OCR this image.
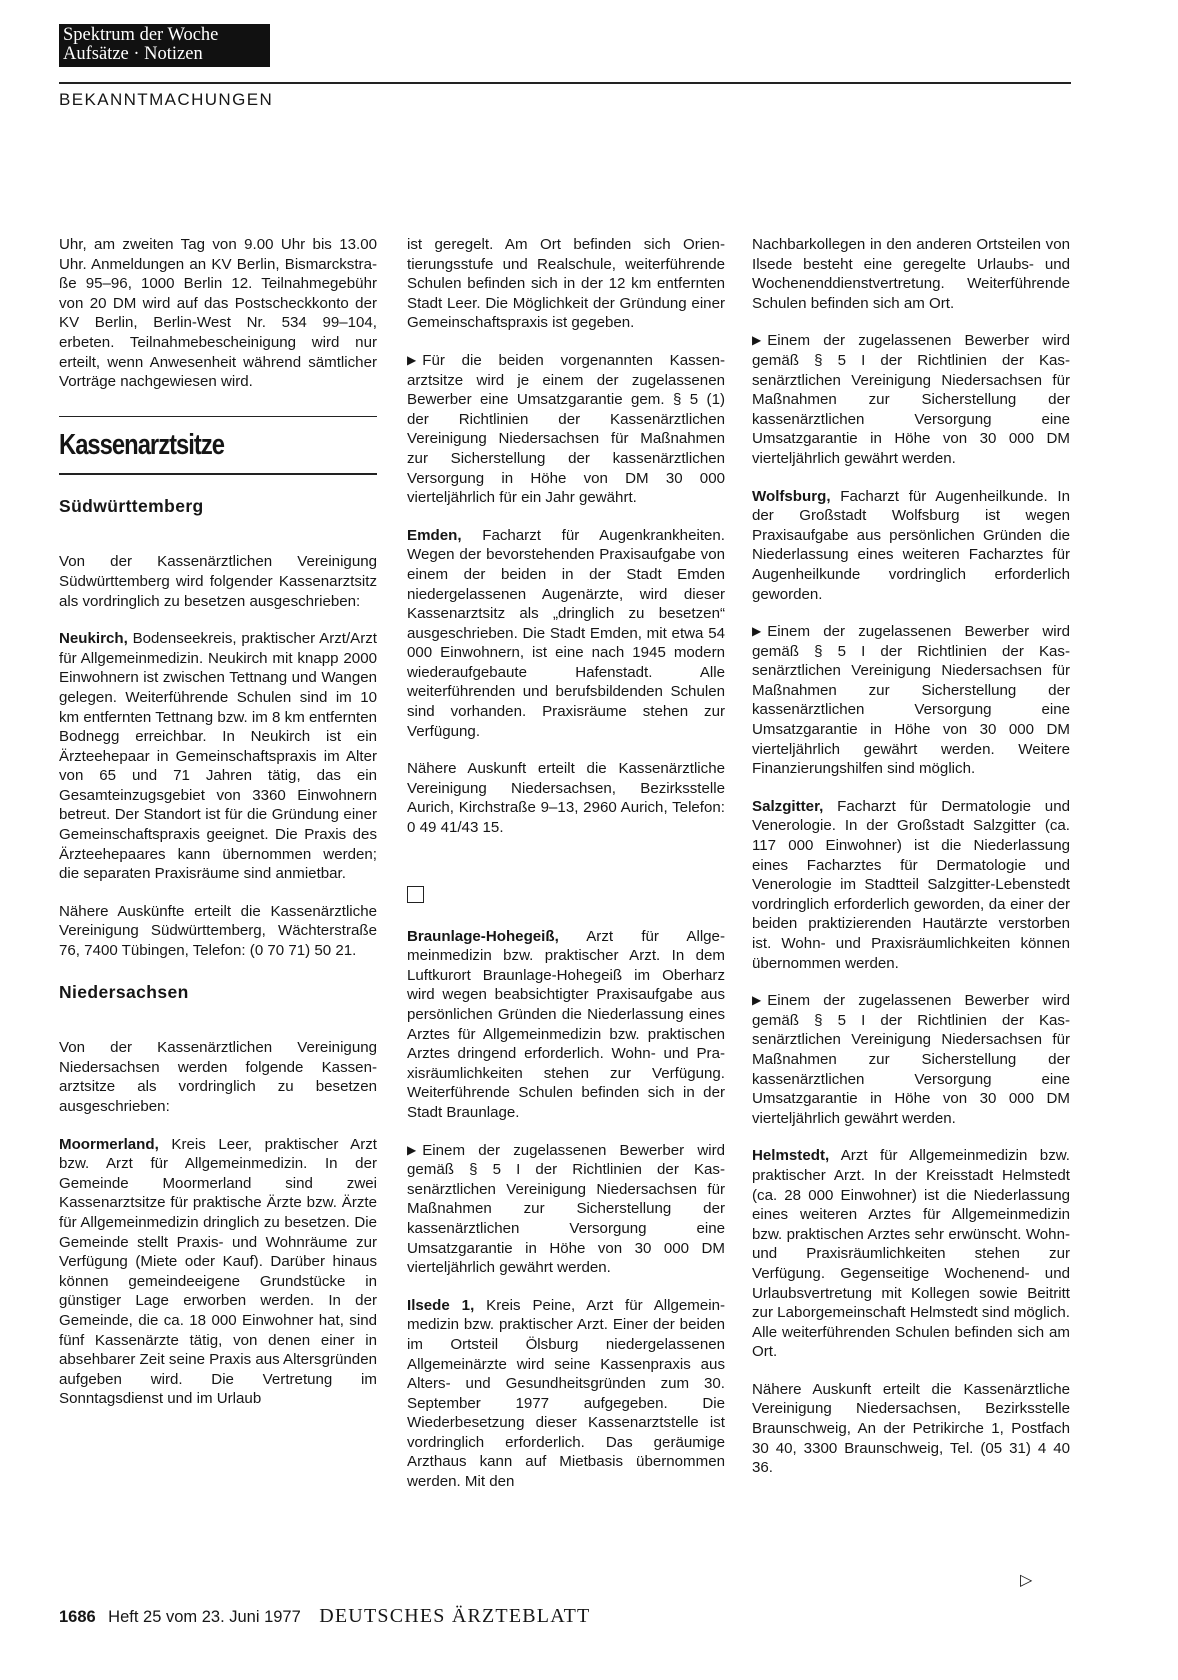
Spektrum der Woche
Aufsätze · Notizen
BEKANNTMACHUNGEN

Uhr, am zweiten Tag von 9.00 Uhr bis 13.00 Uhr. Anmeldungen an KV Berlin, Bismarckstraße 95–96, 1000 Berlin 12. Teilnahmegebühr von 20 DM wird auf das Postscheckkonto der KV Berlin, Berlin-West Nr. 534 99–104, erbeten. Teilnahmebescheinigung wird nur erteilt, wenn Anwesenheit während sämtlicher Vorträge nachgewiesen wird.

Kassenarztsitze
Südwürttemberg

Von der Kassenärztlichen Vereinigung Südwürttemberg wird folgender Kassenarztsitz als vordringlich zu besetzen ausgeschrieben:

Neukirch, Bodenseekreis, praktischer Arzt/Arzt für Allgemeinmedizin. Neukirch mit knapp 2000 Einwohnern ist zwischen Tettnang und Wangen gelegen. Weiterführende Schulen sind im 10 km entfernten Tettnang bzw. im 8 km entfernten Bodnegg erreichbar. In Neukirch ist ein Ärzteehepaar in Gemeinschaftspraxis im Alter von 65 und 71 Jahren tätig, das ein Gesamteinzugsgebiet von 3360 Einwohnern betreut. Der Standort ist für die Gründung einer Gemeinschaftspraxis geeignet. Die Praxis des Ärzteehepaares kann übernommen werden; die separaten Praxisräume sind anmietbar.

Nähere Auskünfte erteilt die Kassenärztliche Vereinigung Südwürttemberg, Wächterstraße 76, 7400 Tübingen, Telefon: (0 70 71) 50 21.

Niedersachsen

Von der Kassenärztlichen Vereinigung Niedersachsen werden folgende Kassenarztsitze als vordringlich zu besetzen ausgeschrieben:

Moormerland, Kreis Leer, praktischer Arzt bzw. Arzt für Allgemeinmedizin. In der Gemeinde Moormerland sind zwei Kassenarztsitze für praktische Ärzte bzw. Ärzte für Allgemeinmedizin dringlich zu besetzen. Die Gemeinde stellt Praxis- und Wohnräume zur Verfügung (Miete oder Kauf). Darüber hinaus können gemeindeeigene Grundstücke in günstiger Lage erworben werden. In der Gemeinde, die ca. 18 000 Einwohner hat, sind fünf Kassenärzte tätig, von denen einer in absehbarer Zeit seine Praxis aus Altersgründen aufgeben wird. Die Vertretung im Sonntagsdienst und im Urlaub

ist geregelt. Am Ort befinden sich Orientierungsstufe und Realschule, weiterführende Schulen befinden sich in der 12 km entfernten Stadt Leer. Die Möglichkeit der Gründung einer Gemeinschaftspraxis ist gegeben.

▶ Für die beiden vorgenannten Kassenarztsitze wird je einem der zugelassenen Bewerber eine Umsatzgarantie gem. § 5 (1) der Richtlinien der Kassenärztlichen Vereinigung Niedersachsen für Maßnahmen zur Sicherstellung der kassenärztlichen Versorgung in Höhe von DM 30 000 vierteljährlich für ein Jahr gewährt.

Emden, Facharzt für Augenkrankheiten. Wegen der bevorstehenden Praxisaufgabe von einem der beiden in der Stadt Emden niedergelassenen Augenärzte, wird dieser Kassenarztsitz als „dringlich zu besetzen“ ausgeschrieben. Die Stadt Emden, mit etwa 54 000 Einwohnern, ist eine nach 1945 modern wiederaufgebaute Hafenstadt. Alle weiterführenden und berufsbildenden Schulen sind vorhanden. Praxisräume stehen zur Verfügung.

Nähere Auskunft erteilt die Kassenärztliche Vereinigung Niedersachsen, Bezirksstelle Aurich, Kirchstraße 9–13, 2960 Aurich, Telefon: 0 49 41/43 15.

Braunlage-Hohegeiß, Arzt für Allgemeinmedizin bzw. praktischer Arzt. In dem Luftkurort Braunlage-Hohegeiß im Oberharz wird wegen beabsichtigter Praxisaufgabe aus persönlichen Gründen die Niederlassung eines Arztes für Allgemeinmedizin bzw. praktischen Arztes dringend erforderlich. Wohn- und Praxisräumlichkeiten stehen zur Verfügung. Weiterführende Schulen befinden sich in der Stadt Braunlage.

▶ Einem der zugelassenen Bewerber wird gemäß § 5 I der Richtlinien der Kassenärztlichen Vereinigung Niedersachsen für Maßnahmen zur Sicherstellung der kassenärztlichen Versorgung eine Umsatzgarantie in Höhe von 30 000 DM vierteljährlich gewährt werden.

Ilsede 1, Kreis Peine, Arzt für Allgemeinmedizin bzw. praktischer Arzt. Einer der beiden im Ortsteil Ölsburg niedergelassenen Allgemeinärzte wird seine Kassenpraxis aus Alters- und Gesundheitsgründen zum 30. September 1977 aufgegeben. Die Wiederbesetzung dieser Kassenarztstelle ist vordringlich erforderlich. Das geräumige Arzthaus kann auf Mietbasis übernommen werden. Mit den

Nachbarkollegen in den anderen Ortsteilen von Ilsede besteht eine geregelte Urlaubs- und Wochenenddienstvertretung. Weiterführende Schulen befinden sich am Ort.

▶ Einem der zugelassenen Bewerber wird gemäß § 5 I der Richtlinien der Kassenärztlichen Vereinigung Niedersachsen für Maßnahmen zur Sicherstellung der kassenärztlichen Versorgung eine Umsatzgarantie in Höhe von 30 000 DM vierteljährlich gewährt werden.

Wolfsburg, Facharzt für Augenheilkunde. In der Großstadt Wolfsburg ist wegen Praxisaufgabe aus persönlichen Gründen die Niederlassung eines weiteren Facharztes für Augenheilkunde vordringlich erforderlich geworden.

▶ Einem der zugelassenen Bewerber wird gemäß § 5 I der Richtlinien der Kassenärztlichen Vereinigung Niedersachsen für Maßnahmen zur Sicherstellung der kassenärztlichen Versorgung eine Umsatzgarantie in Höhe von 30 000 DM vierteljährlich gewährt werden. Weitere Finanzierungshilfen sind möglich.

Salzgitter, Facharzt für Dermatologie und Venerologie. In der Großstadt Salzgitter (ca. 117 000 Einwohner) ist die Niederlassung eines Facharztes für Dermatologie und Venerologie im Stadtteil Salzgitter-Lebenstedt vordringlich erforderlich geworden, da einer der beiden praktizierenden Hautärzte verstorben ist. Wohn- und Praxisräumlichkeiten können übernommen werden.

▶ Einem der zugelassenen Bewerber wird gemäß § 5 I der Richtlinien der Kassenärztlichen Vereinigung Niedersachsen für Maßnahmen zur Sicherstellung der kassenärztlichen Versorgung eine Umsatzgarantie in Höhe von 30 000 DM vierteljährlich gewährt werden.

Helmstedt, Arzt für Allgemeinmedizin bzw. praktischer Arzt. In der Kreisstadt Helmstedt (ca. 28 000 Einwohner) ist die Niederlassung eines weiteren Arztes für Allgemeinmedizin bzw. praktischen Arztes sehr erwünscht. Wohn- und Praxisräumlichkeiten stehen zur Verfügung. Gegenseitige Wochenend- und Urlaubsvertretung mit Kollegen sowie Beitritt zur Laborgemeinschaft Helmstedt sind möglich. Alle weiterführenden Schulen befinden sich am Ort.

Nähere Auskunft erteilt die Kassenärztliche Vereinigung Niedersachsen, Bezirksstelle Braunschweig, An der Petrikirche 1, Postfach 30 40, 3300 Braunschweig, Tel. (05 31) 4 40 36.

▷
1686 Heft 25 vom 23. Juni 1977 DEUTSCHES ÄRZTEBLATT
